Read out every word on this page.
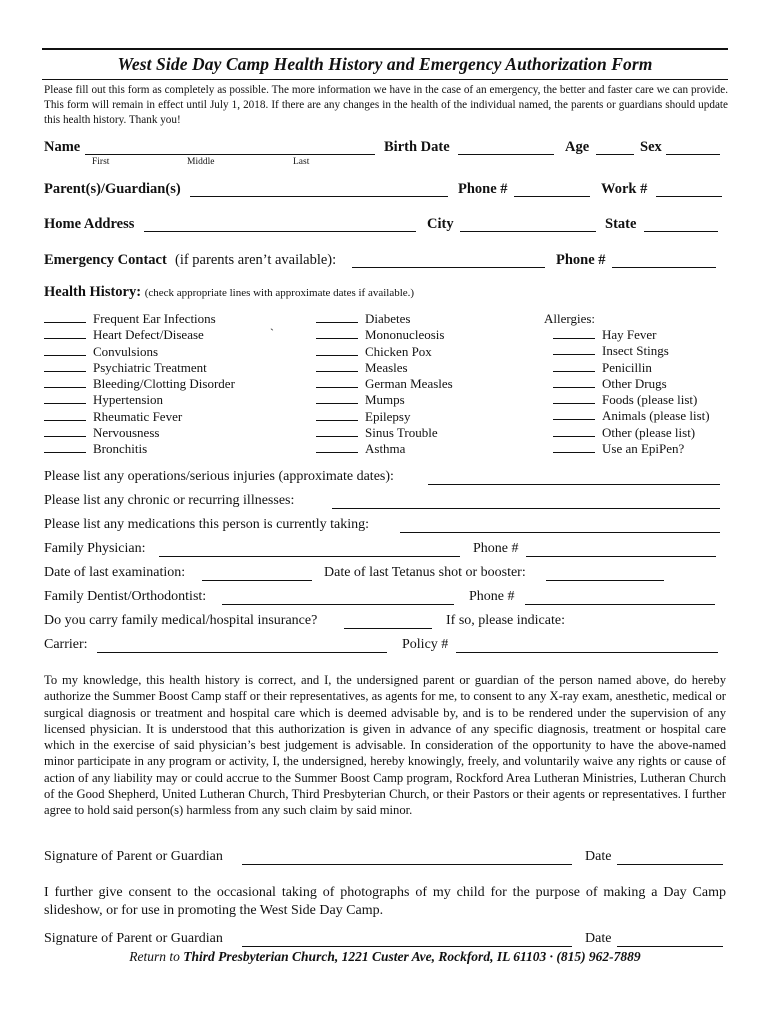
West Side Day Camp Health History and Emergency Authorization Form
Please fill out this form as completely as possible. The more information we have in the case of an emergency, the better and faster care we can provide. This form will remain in effect until July 1, 2018. If there are any changes in the health of the individual named, the parents or guardians should update this health history. Thank you!
Name	Birth Date	Age	Sex
First	Middle	Last
Parent(s)/Guardian(s)	Phone #	Work #
Home Address	City	State
Emergency Contact (if parents aren’t available):	Phone #
Health History: (check appropriate lines with approximate dates if available.)
Frequent Ear Infections
Heart Defect/Disease
Convulsions
Psychiatric Treatment
Bleeding/Clotting Disorder
Hypertension
Rheumatic Fever
Nervousness
Bronchitis
`
Diabetes
Mononucleosis
Chicken Pox
Measles
German Measles
Mumps
Epilepsy
Sinus Trouble
Asthma
Allergies:
Hay Fever
Insect Stings
Penicillin
Other Drugs
Foods (please list)
Animals (please list)
Other (please list)
Use an EpiPen?
Please list any operations/serious injuries (approximate dates):
Please list any chronic or recurring illnesses:
Please list any medications this person is currently taking:
Family Physician:	Phone #
Date of last examination:	Date of last Tetanus shot or booster:
Family Dentist/Orthodontist:	Phone #
Do you carry family medical/hospital insurance?	If so, please indicate:
Carrier:	Policy #
To my knowledge, this health history is correct, and I, the undersigned parent or guardian of the person named above, do hereby authorize the Summer Boost Camp staff or their representatives, as agents for me, to consent to any X-ray exam, anesthetic, medical or surgical diagnosis or treatment and hospital care which is deemed advisable by, and is to be rendered under the supervision of any licensed physician. It is understood that this authorization is given in advance of any specific diagnosis, treatment or hospital care which in the exercise of said physician’s best judgement is advisable. In consideration of the opportunity to have the above-named minor participate in any program or activity, I, the undersigned, hereby knowingly, freely, and voluntarily waive any rights or cause of action of any liability may or could accrue to the Summer Boost Camp program, Rockford Area Lutheran Ministries, Lutheran Church of the Good Shepherd, United Lutheran Church, Third Presbyterian Church, or their Pastors or their agents or representatives. I further agree to hold said person(s) harmless from any such claim by said minor.
Signature of Parent or Guardian	Date
I further give consent to the occasional taking of photographs of my child for the purpose of making a Day Camp slideshow, or for use in promoting the West Side Day Camp.
Signature of Parent or Guardian	Date
Return to Third Presbyterian Church, 1221 Custer Ave, Rockford, IL 61103 · (815) 962-7889
